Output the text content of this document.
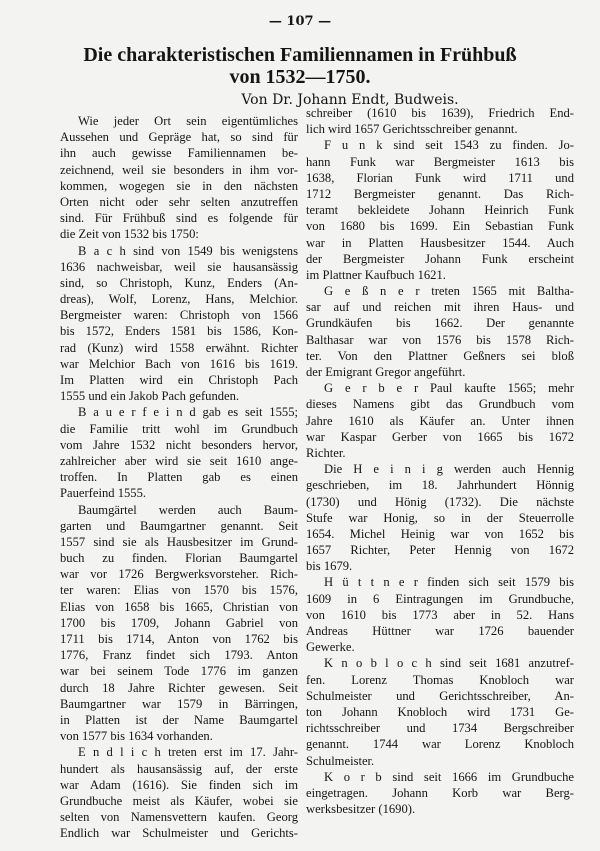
— 107 —
Die charakteristischen Familiennamen in Frühbuß
von 1532—1750.
Von Dr. Johann Endt, Budweis.
Wie jeder Ort sein eigentümliches
Aussehen und Gepräge hat, so sind für
ihn auch gewisse Familiennamen be-
zeichnend, weil sie besonders in ihm vor-
kommen, wogegen sie in den nächsten
Orten nicht oder sehr selten anzutreffen
sind. Für Frühbuß sind es folgende für
die Zeit von 1532 bis 1750:
B a c h sind von 1549 bis wenigstens
1636 nachweisbar, weil sie hausansässig
sind, so Christoph, Kunz, Enders (An-
dreas), Wolf, Lorenz, Hans, Melchior.
Bergmeister waren: Christoph von 1566
bis 1572, Enders 1581 bis 1586, Kon-
rad (Kunz) wird 1558 erwähnt. Richter
war Melchior Bach von 1616 bis 1619.
Im Platten wird ein Christoph Pach
1555 und ein Jakob Pach gefunden.
B a u e r f e i n d gab es seit 1555;
die Familie tritt wohl im Grundbuch
vom Jahre 1532 nicht besonders hervor,
zahlreicher aber wird sie seit 1610 ange-
troffen. In Platten gab es einen
Pauerfeind 1555.
Baumgärtel werden auch Baum-
garten und Baumgartner genannt. Seit
1557 sind sie als Hausbesitzer im Grund-
buch zu finden. Florian Baumgartel
war vor 1726 Bergwerksvorsteher. Rich-
ter waren: Elias von 1570 bis 1576,
Elias von 1658 bis 1665, Christian von
1700 bis 1709, Johann Gabriel von
1711 bis 1714, Anton von 1762 bis
1776, Franz findet sich 1793. Anton
war bei seinem Tode 1776 im ganzen
durch 18 Jahre Richter gewesen. Seit
Baumgartner war 1579 in Bärringen,
in Platten ist der Name Baumgartel
von 1577 bis 1634 vorhanden.
E n d l i c h treten erst im 17. Jahr-
hundert als hausansässig auf, der erste
war Adam (1616). Sie finden sich im
Grundbuche meist als Käufer, wobei sie
selten von Namensvettern kaufen. Georg
Endlich war Schulmeister und Gerichts-
schreiber (1610 bis 1639), Friedrich End-
lich wird 1657 Gerichtsschreiber genannt.
F u n k sind seit 1543 zu finden. Jo-
hann Funk war Bergmeister 1613 bis
1638, Florian Funk wird 1711 und
1712 Bergmeister genannt. Das Rich-
teramt bekleidete Johann Heinrich Funk
von 1680 bis 1699. Ein Sebastian Funk
war in Platten Hausbesitzer 1544. Auch
der Bergmeister Johann Funk erscheint
im Plattner Kaufbuch 1621.
G e ß n e r treten 1565 mit Baltha-
sar auf und reichen mit ihren Haus- und
Grundkäufen bis 1662. Der genannte
Balthasar war von 1576 bis 1578 Rich-
ter. Von den Plattner Geßners sei bloß
der Emigrant Gregor angeführt.
G e r b e r Paul kaufte 1565; mehr
dieses Namens gibt das Grundbuch vom
Jahre 1610 als Käufer an. Unter ihnen
war Kaspar Gerber von 1665 bis 1672
Richter.
Die H e i n i g werden auch Hennig
geschrieben, im 18. Jahrhundert Hönnig
(1730) und Hönig (1732). Die nächste
Stufe war Honig, so in der Steuerrolle
1654. Michel Heinig war von 1652 bis
1657 Richter, Peter Hennig von 1672
bis 1679.
H ü t t n e r finden sich seit 1579 bis
1609 in 6 Eintragungen im Grundbuche,
von 1610 bis 1773 aber in 52. Hans
Andreas Hüttner war 1726 bauender
Gewerke.
K n o b l o c h sind seit 1681 anzutref-
fen. Lorenz Thomas Knobloch war
Schulmeister und Gerichtsschreiber, An-
ton Johann Knobloch wird 1731 Ge-
richtsschreiber und 1734 Bergschreiber
genannt. 1744 war Lorenz Knobloch
Schulmeister.
K o r b sind seit 1666 im Grundbuche
eingetragen. Johann Korb war Berg-
werksbesitzer (1690).
